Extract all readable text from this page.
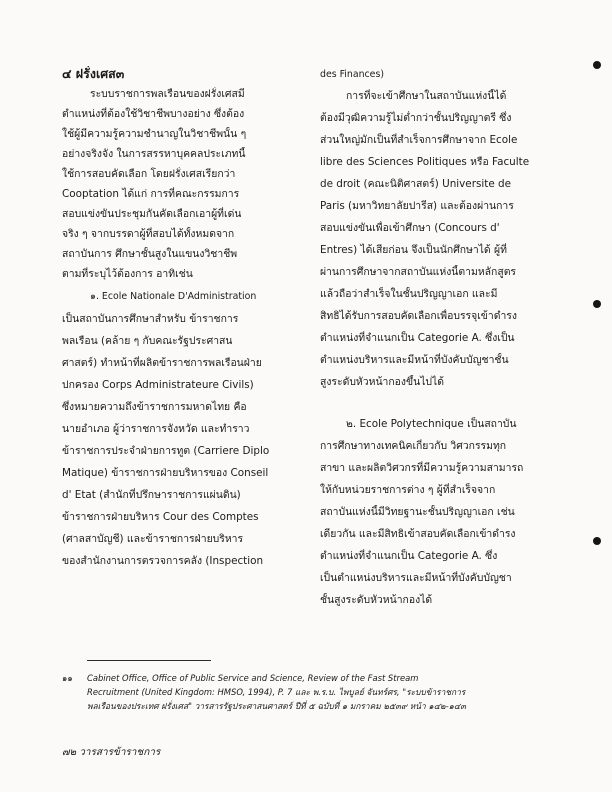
๔ ฝรั่งเศส๓
ระบบราชการพลเรือนของฝรั่งเศสมี
ตำแหน่งที่ต้องใช้วิชาชีพบางอย่าง ซึ่งต้อง
ใช้ผู้มีความรู้ความชำนาญในวิชาชีพนั้น ๆ
อย่างจริงจัง ในการสรรหาบุคคลประเภทนี้
ใช้การสอบคัดเลือก โดยฝรั่งเศสเรียกว่า
Cooptation ได้แก่ การที่คณะกรรมการ
สอบแข่งขันประชุมกันคัดเลือกเอาผู้ที่เด่น
จริง ๆ จากบรรดาผู้ที่สอบได้ทั้งหมดจาก
สถาบันการ ศึกษาชั้นสูงในแขนงวิชาชีพ
ตามที่ระบุไว้ต้องการ อาทิเช่น
๑. Ecole Nationale D'Administration
เป็นสถาบันการศึกษาสำหรับ ข้าราชการ
พลเรือน (คล้าย ๆ กับคณะรัฐประศาสน
ศาสตร์) ทำหน้าที่ผลิตข้าราชการพลเรือนฝ่าย
ปกครอง Corps Administrateure Civils)
ซึ่งหมายความถึงข้าราชการมหาดไทย คือ
นายอำเภอ ผู้ว่าราชการจังหวัด และทำราว
ข้าราชการประจำฝ่ายการทูต (Carriere Diplo
Matique) ข้าราชการฝ่ายบริหารของ Conseil
d' Etat (สำนักที่ปรึกษาราชการแผ่นดิน)
ข้าราชการฝ่ายบริหาร Cour des Comptes
(ศาลสาบัญชี) และข้าราชการฝ่ายบริหาร
ของสำนักงานการตรวจการคลัง (Inspection
des Finances)
การที่จะเข้าศึกษาในสถาบันแห่งนี้ได้
ต้องมีวุฒิความรู้ไม่ต่ำกว่าชั้นปริญญาตรี ซึ่ง
ส่วนใหญ่มักเป็นที่สำเร็จการศึกษาจาก Ecole
libre des Sciences Politiques หรือ Faculte
de droit (คณะนิติศาสตร์) Universite de
Paris (มหาวิทยาลัยปารีส) และต้องผ่านการ
สอบแข่งขันเพื่อเข้าศึกษา (Concours d'
Entres) ได้เสียก่อน จึงเป็นนักศึกษาได้ ผู้ที่
ผ่านการศึกษาจากสถาบันแห่งนี้ตามหลักสูตร
แล้วถือว่าสำเร็จในชั้นปริญญาเอก และมี
สิทธิได้รับการสอบคัดเลือกเพื่อบรรจุเข้าดำรง
ตำแหน่งที่จำแนกเป็น Categorie A. ซึ่งเป็น
ตำแหน่งบริหารและมีหน้าที่บังคับบัญชาชั้น
สูงระดับหัวหน้ากองขึ้นไปได้
๒. Ecole Polytechnique เป็นสถาบัน
การศึกษาทางเทคนิคเกี่ยวกับ วิศวกรรมทุก
สาขา และผลิตวิศวกรที่มีความรู้ความสามารถ
ให้กับหน่วยราชการต่าง ๆ ผู้ที่สำเร็จจาก
สถาบันแห่งนี้มีวิทยฐานะชั้นปริญญาเอก เช่น
เดียวกัน และมีสิทธิเข้าสอบคัดเลือกเข้าดำรง
ตำแหน่งที่จำแนกเป็น Categorie A. ซึ่ง
เป็นตำแหน่งบริหารและมีหน้าที่บังคับบัญชา
ชั้นสูงระดับหัวหน้ากองได้
๑๑ Cabinet Office, Office of Public Service and Science, Review of the Fast Stream
Recruitment (United Kingdom: HMSO, 1994), P. 7 และ พ.ร.บ. ไพบูลย์ จันทร์ศร, "ระบบข้าราชการ
พลเรือนของประเทศ ฝรั่งเศส" วารสารรัฐประศาสนศาสตร์ ปีที่ ๕ ฉบับที่ ๑ มกราคม ๒๕๓๙ หน้า ๑๔๒-๑๔๓
๗๒ วารสารข้าราชการ
